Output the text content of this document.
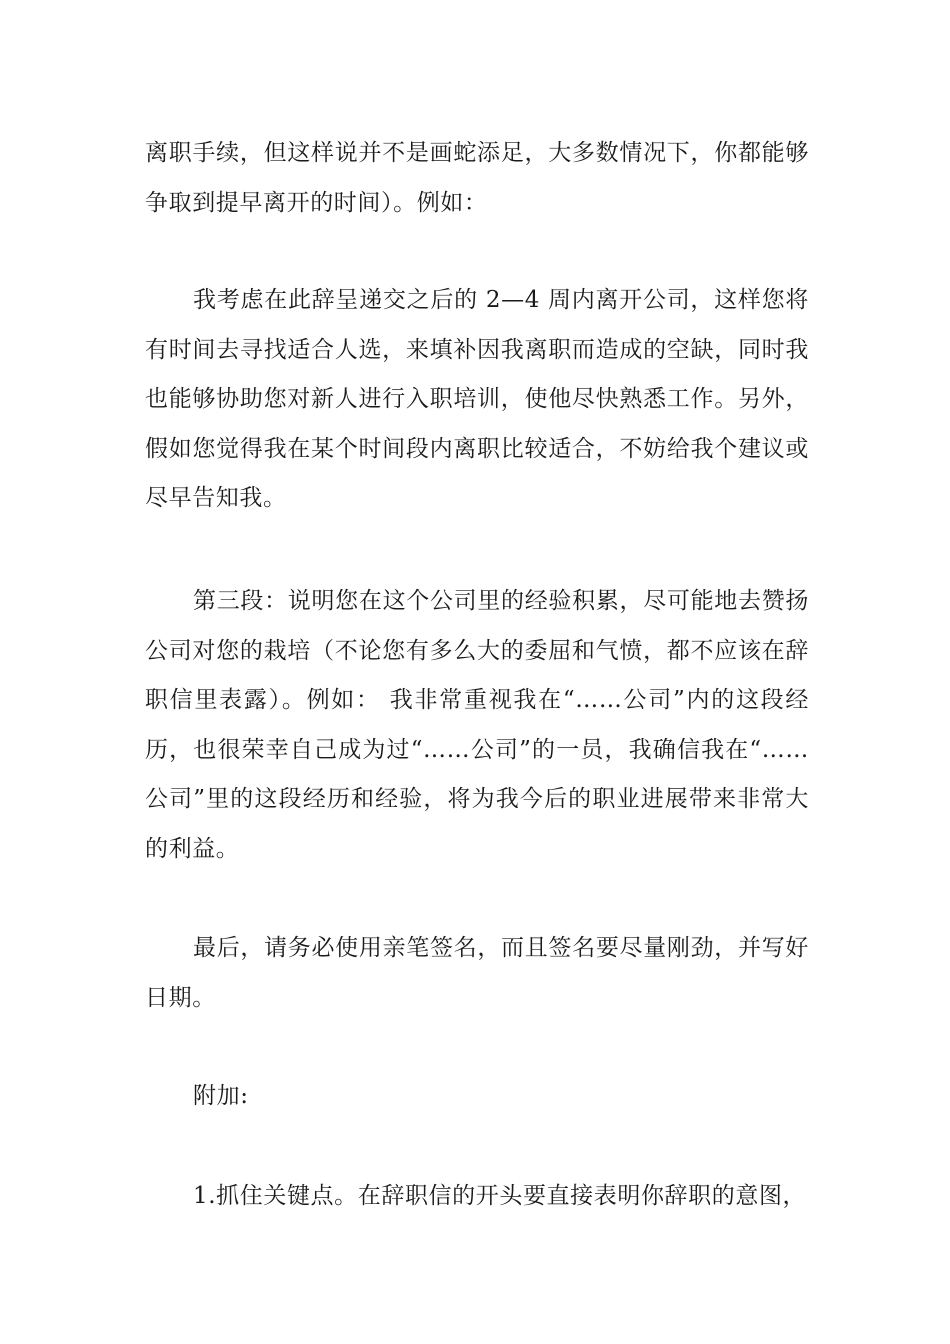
离职手续，但这样说并不是画蛇添足，大多数情况下，你都能够争取到提早离开的时间）。例如：

我考虑在此辞呈递交之后的 2—4 周内离开公司，这样您将有时间去寻找适合人选，来填补因我离职而造成的空缺，同时我也能够协助您对新人进行入职培训，使他尽快熟悉工作。另外，假如您觉得我在某个时间段内离职比较适合，不妨给我个建议或尽早告知我。

第三段：说明您在这个公司里的经验积累，尽可能地去赞扬公司对您的栽培（不论您有多么大的委屈和气愤，都不应该在辞职信里表露）。例如： 我非常重视我在“……公司”内的这段经历，也很荣幸自己成为过“……公司”的一员，我确信我在“……公司”里的这段经历和经验，将为我今后的职业进展带来非常大的利益。

最后，请务必使用亲笔签名，而且签名要尽量刚劲，并写好日期。

附加:

1.抓住关键点。在辞职信的开头要直接表明你辞职的意图，
